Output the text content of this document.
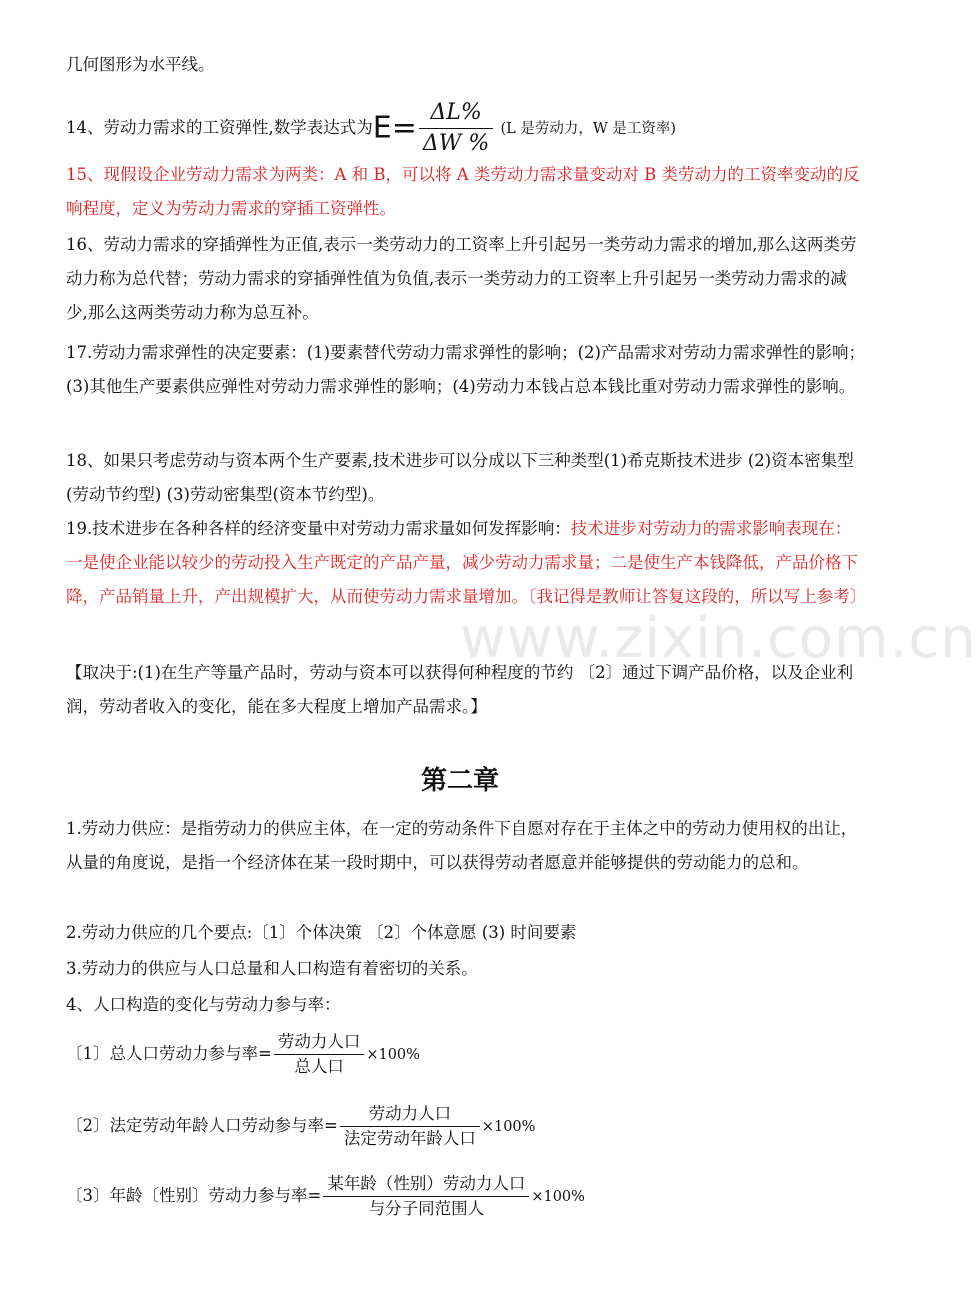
几何图形为水平线。

14、劳动力需求的工资弹性,数学表达式为$E= \frac{\Delta L\%}{\Delta W \%} (L$ 是劳动力，W 是工资率)

15、现假设企业劳动力需求为两类：A 和 B，可以将 A 类劳动力需求量变动对 B 类劳动力的工资率变动的反响程度，定义为劳动力需求的穿插工资弹性。

16、劳动力需求的穿插弹性为正值,表示一类劳动力的工资率上升引起另一类劳动力需求的增加,那么这两类劳动力称为总代替；劳动力需求的穿插弹性值为负值,表示一类劳动力的工资率上升引起另一类劳动力需求的减少,那么这两类劳动力称为总互补。

17.劳动力需求弹性的决定要素：(1)要素替代劳动力需求弹性的影响；(2)产品需求对劳动力需求弹性的影响；(3)其他生产要素供应弹性对劳动力需求弹性的影响；(4)劳动力本钱占总本钱比重对劳动力需求弹性的影响。

18、如果只考虑劳动与资本两个生产要素,技术进步可以分成以下三种类型(1)希克斯技术进步 (2)资本密集型(劳动节约型) (3)劳动密集型(资本节约型)。

19.技术进步在各种各样的经济变量中对劳动力需求量如何发挥影响：技术进步对劳动力的需求影响表现在：一是使企业能以较少的劳动投入生产既定的产品产量，减少劳动力需求量；二是使生产本钱降低，产品价格下降，产品销量上升，产出规模扩大，从而使劳动力需求量增加。〔我记得是教师让答复这段的，所以写上参考〕

【取决于:(1)在生产等量产品时，劳动与资本可以获得何种程度的节约 〔2〕通过下调产品价格，以及企业利润，劳动者收入的变化，能在多大程度上增加产品需求。】

第二章

1.劳动力供应：是指劳动力的供应主体，在一定的劳动条件下自愿对存在于主体之中的劳动力使用权的出让，从量的角度说，是指一个经济体在某一段时期中，可以获得劳动者愿意并能够提供的劳动能力的总和。

2.劳动力供应的几个要点:〔1〕个体决策 〔2〕个体意愿 (3) 时间要素

3.劳动力的供应与人口总量和人口构造有着密切的关系。

4、人口构造的变化与劳动力参与率：

〔1〕总人口劳动力参与率= $\frac{\text{劳动力人口}}{\text{总人口}} \times 100\%$

〔2〕法定劳动年龄人口劳动参与率= $\frac{\text{劳动力人口}}{\text{法定劳动年龄人口}} \times 100\%$

〔3〕年龄〔性别〕劳动力参与率= $\frac{\text{某年龄（性别）劳动力人口}}{\text{与分子同范围人}} \times 100\%$

www.zixin.com.cn
